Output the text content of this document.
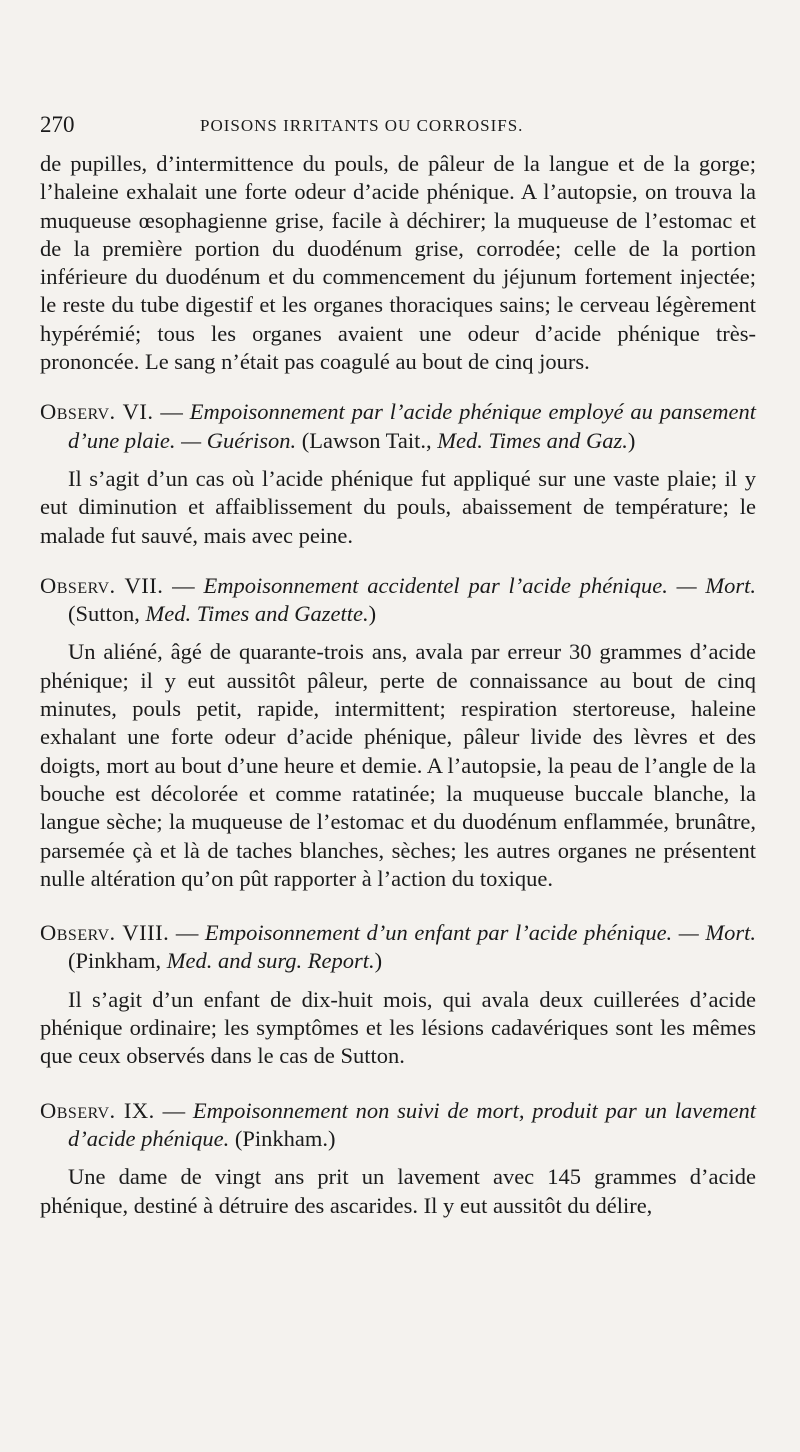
270	POISONS IRRITANTS OU CORROSIFS.

de pupilles, d’intermittence du pouls, de pâleur de la langue et de la gorge; l’haleine exhalait une forte odeur d’acide phénique. A l’autopsie, on trouva la muqueuse œsophagienne grise, facile à déchirer; la muqueuse de l’estomac et de la première portion du duodénum grise, corrodée; celle de la portion inférieure du duodénum et du commencement du jéjunum fortement injectée; le reste du tube digestif et les organes thoraciques sains; le cerveau légèrement hypérémié; tous les organes avaient une odeur d’acide phénique très-prononcée. Le sang n’était pas coagulé au bout de cinq jours.

Observ. VI. — Empoisonnement par l’acide phénique employé au pansement d’une plaie. — Guérison. (Lawson Tait., Med. Times and Gaz.)

Il s’agit d’un cas où l’acide phénique fut appliqué sur une vaste plaie; il y eut diminution et affaiblissement du pouls, abaissement de température; le malade fut sauvé, mais avec peine.

Observ. VII. — Empoisonnement accidentel par l’acide phénique. — Mort. (Sutton, Med. Times and Gazette.)

Un aliéné, âgé de quarante-trois ans, avala par erreur 30 grammes d’acide phénique; il y eut aussitôt pâleur, perte de connaissance au bout de cinq minutes, pouls petit, rapide, intermittent; respiration stertoreuse, haleine exhalant une forte odeur d’acide phénique, pâleur livide des lèvres et des doigts, mort au bout d’une heure et demie. A l’autopsie, la peau de l’angle de la bouche est décolorée et comme ratatinée; la muqueuse buccale blanche, la langue sèche; la muqueuse de l’estomac et du duodénum enflammée, brunâtre, parsemée çà et là de taches blanches, sèches; les autres organes ne présentent nulle altération qu’on pût rapporter à l’action du toxique.

Observ. VIII. — Empoisonnement d’un enfant par l’acide phénique. — Mort. (Pinkham, Med. and surg. Report.)

Il s’agit d’un enfant de dix-huit mois, qui avala deux cuillerées d’acide phénique ordinaire; les symptômes et les lésions cadavériques sont les mêmes que ceux observés dans le cas de Sutton.

Observ. IX. — Empoisonnement non suivi de mort, produit par un lavement d’acide phénique. (Pinkham.)

Une dame de vingt ans prit un lavement avec 145 grammes d’acide phénique, destiné à détruire des ascarides. Il y eut aussitôt du délire,
